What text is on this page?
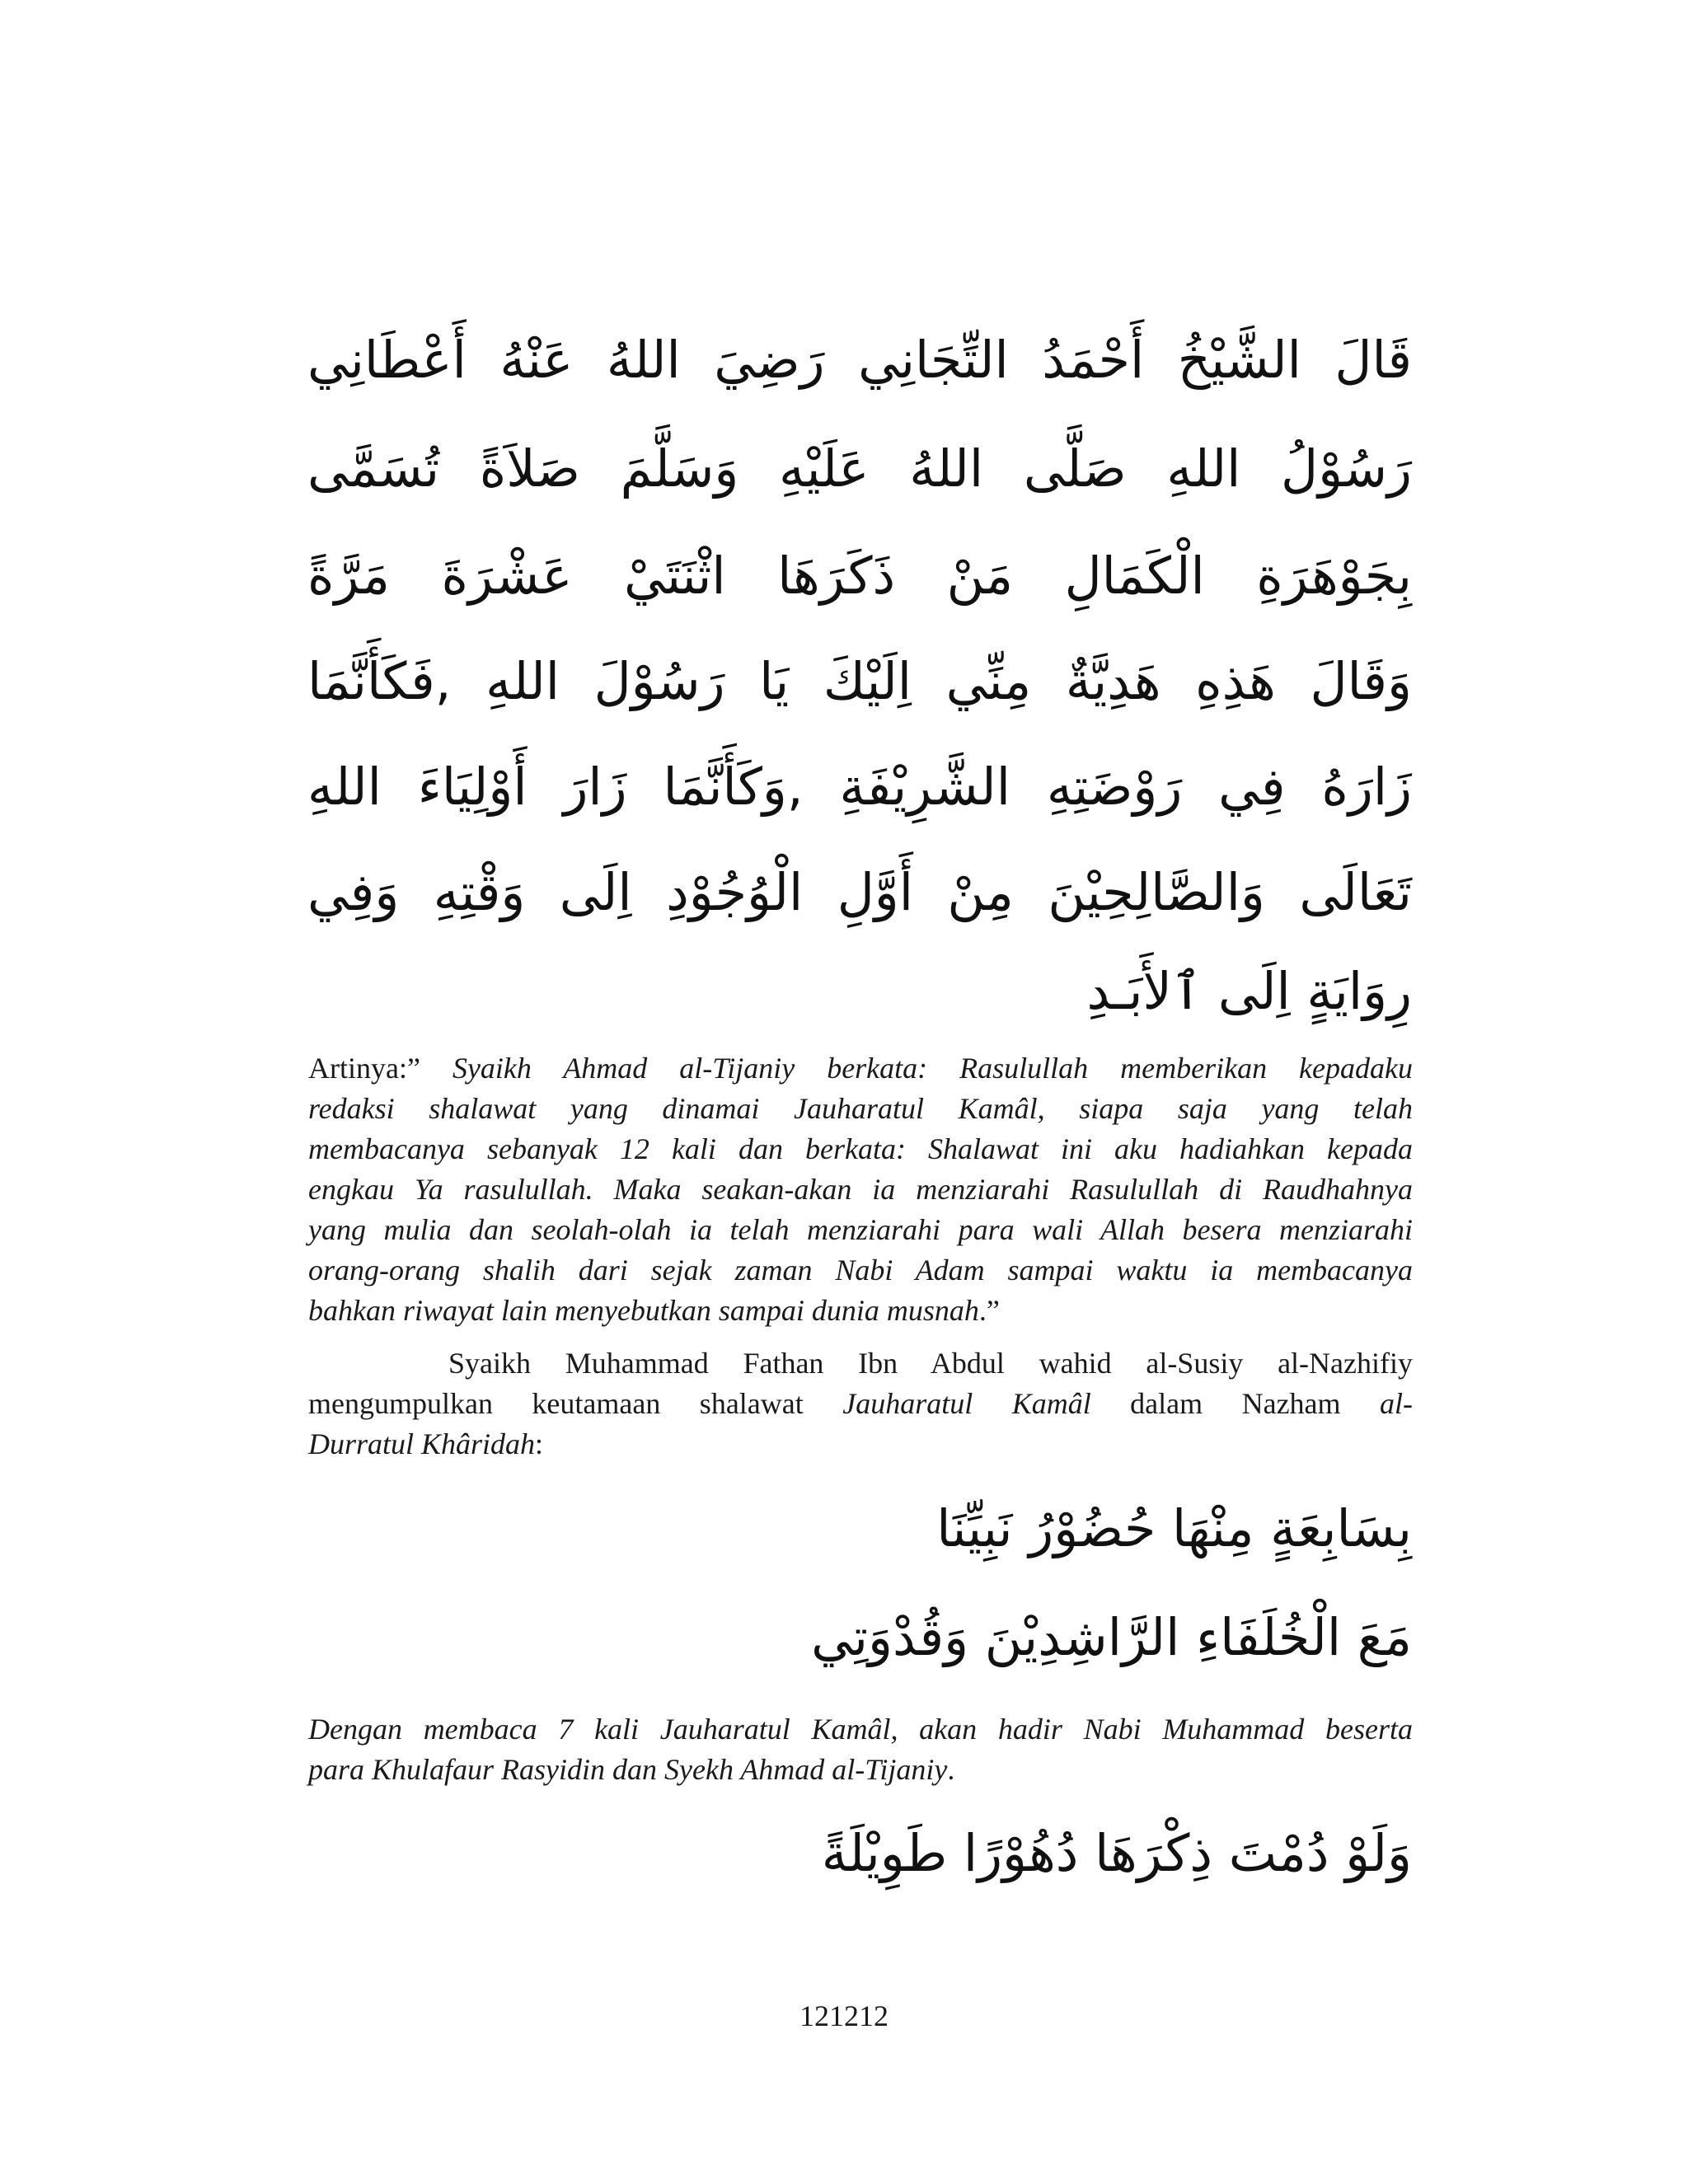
قَالَ الشَّيْخُ أَحْمَدُ التِّجَانِي رَضِيَ اللهُ عَنْهُ أَعْطَانِي
رَسُوْلُ اللهِ صَلَّى اللهُ عَلَيْهِ وَسَلَّمَ صَلاَةً تُسَمَّى
بِجَوْهَرَةِ الْكَمَالِ مَنْ ذَكَرَهَا اثْنَتَيْ عَشْرَةَ مَرَّةً
وَقَالَ هَذِهِ هَدِيَّةٌ مِنِّي اِلَيْكَ يَا رَسُوْلَ اللهِ ,فَكَأَنَّمَا
زَارَهُ فِي رَوْضَتِهِ الشَّرِيْفَةِ ,وَكَأَنَّمَا زَارَ أَوْلِيَاءَ اللهِ
تَعَالَى وَالصَّالِحِيْنَ مِنْ أَوَّلِ الْوُجُوْدِ اِلَى وَقْتِهِ وَفِي
رِوَايَةٍ اِلَى ٱلأَبَـدِ
Artinya:” Syaikh Ahmad al-Tijaniy berkata: Rasulullah memberikan kepadaku
redaksi shalawat yang dinamai Jauharatul Kamâl, siapa saja yang telah
membacanya sebanyak 12 kali dan berkata: Shalawat ini aku hadiahkan kepada
engkau Ya rasulullah. Maka seakan-akan ia menziarahi Rasulullah di Raudhahnya
yang mulia dan seolah-olah ia telah menziarahi para wali Allah besera menziarahi
orang-orang shalih dari sejak zaman Nabi Adam sampai waktu ia membacanya
bahkan riwayat lain menyebutkan sampai dunia musnah.”
Syaikh Muhammad Fathan Ibn Abdul wahid al-Susiy al-Nazhifiy
mengumpulkan keutamaan shalawat Jauharatul Kamâl dalam Nazham al-
Durratul Khâridah:
بِسَابِعَةٍ مِنْهَا حُضُوْرُ نَبِيِّنَا
مَعَ الْخُلَفَاءِ الرَّاشِدِيْنَ وَقُدْوَتِي
Dengan membaca 7 kali Jauharatul Kamâl, akan hadir Nabi Muhammad beserta
para Khulafaur Rasyidin dan Syekh Ahmad al-Tijaniy.
وَلَوْ دُمْتَ ذِكْرَهَا دُهُوْرًا طَوِيْلَةً
121212
